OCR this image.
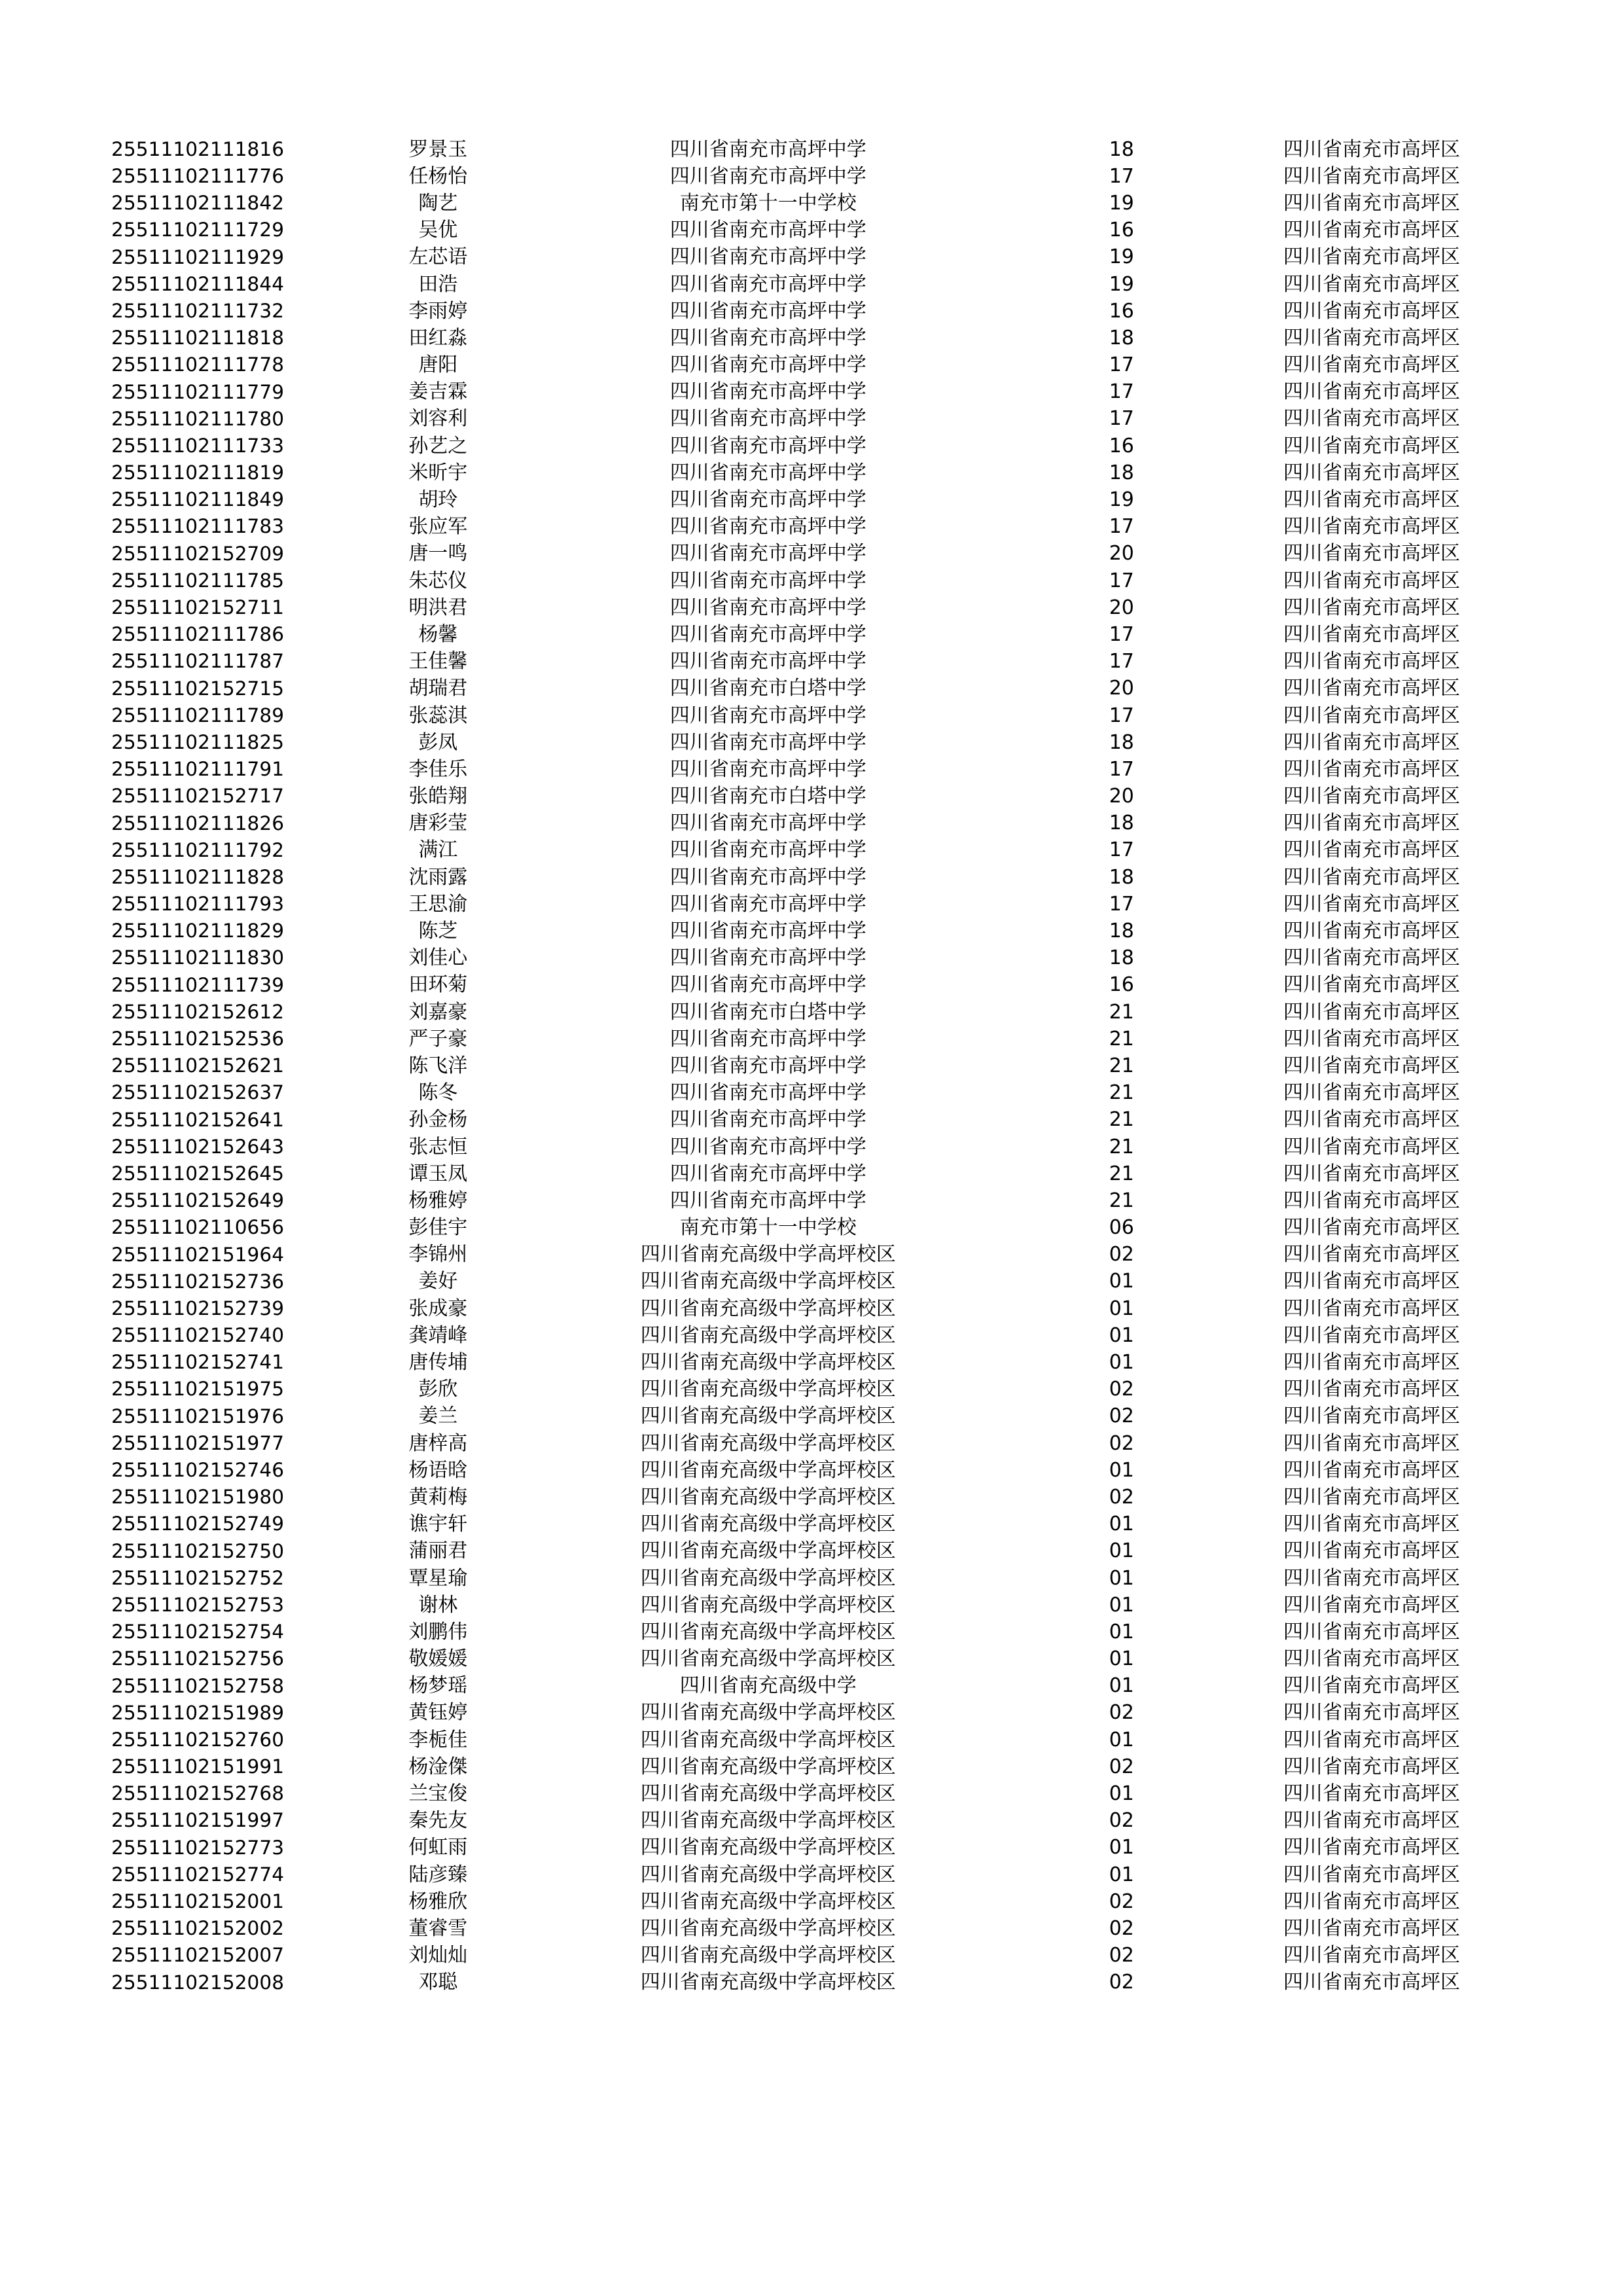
25511102111816	罗景玉	四川省南充市高坪中学	18	四川省南充市高坪区	
25511102111776	任杨怡	四川省南充市高坪中学	17	四川省南充市高坪区	
25511102111842	陶艺	南充市第十一中学校	19	四川省南充市高坪区	
25511102111729	吴优	四川省南充市高坪中学	16	四川省南充市高坪区	
25511102111929	左芯语	四川省南充市高坪中学	19	四川省南充市高坪区	
25511102111844	田浩	四川省南充市高坪中学	19	四川省南充市高坪区	
25511102111732	李雨婷	四川省南充市高坪中学	16	四川省南充市高坪区	
25511102111818	田红淼	四川省南充市高坪中学	18	四川省南充市高坪区	
25511102111778	唐阳	四川省南充市高坪中学	17	四川省南充市高坪区	
25511102111779	姜吉霖	四川省南充市高坪中学	17	四川省南充市高坪区	
25511102111780	刘容利	四川省南充市高坪中学	17	四川省南充市高坪区	
25511102111733	孙艺之	四川省南充市高坪中学	16	四川省南充市高坪区	
25511102111819	米昕宇	四川省南充市高坪中学	18	四川省南充市高坪区	
25511102111849	胡玲	四川省南充市高坪中学	19	四川省南充市高坪区	
25511102111783	张应军	四川省南充市高坪中学	17	四川省南充市高坪区	
25511102152709	唐一鸣	四川省南充市高坪中学	20	四川省南充市高坪区	
25511102111785	朱芯仪	四川省南充市高坪中学	17	四川省南充市高坪区	
25511102152711	明洪君	四川省南充市高坪中学	20	四川省南充市高坪区	
25511102111786	杨馨	四川省南充市高坪中学	17	四川省南充市高坪区	
25511102111787	王佳馨	四川省南充市高坪中学	17	四川省南充市高坪区	
25511102152715	胡瑞君	四川省南充市白塔中学	20	四川省南充市高坪区	
25511102111789	张蕊淇	四川省南充市高坪中学	17	四川省南充市高坪区	
25511102111825	彭凤	四川省南充市高坪中学	18	四川省南充市高坪区	
25511102111791	李佳乐	四川省南充市高坪中学	17	四川省南充市高坪区	
25511102152717	张皓翔	四川省南充市白塔中学	20	四川省南充市高坪区	
25511102111826	唐彩莹	四川省南充市高坪中学	18	四川省南充市高坪区	
25511102111792	满江	四川省南充市高坪中学	17	四川省南充市高坪区	
25511102111828	沈雨露	四川省南充市高坪中学	18	四川省南充市高坪区	
25511102111793	王思渝	四川省南充市高坪中学	17	四川省南充市高坪区	
25511102111829	陈芝	四川省南充市高坪中学	18	四川省南充市高坪区	
25511102111830	刘佳心	四川省南充市高坪中学	18	四川省南充市高坪区	
25511102111739	田环菊	四川省南充市高坪中学	16	四川省南充市高坪区	
25511102152612	刘嘉豪	四川省南充市白塔中学	21	四川省南充市高坪区	
25511102152536	严子豪	四川省南充市高坪中学	21	四川省南充市高坪区	
25511102152621	陈飞洋	四川省南充市高坪中学	21	四川省南充市高坪区	
25511102152637	陈冬	四川省南充市高坪中学	21	四川省南充市高坪区	
25511102152641	孙金杨	四川省南充市高坪中学	21	四川省南充市高坪区	
25511102152643	张志恒	四川省南充市高坪中学	21	四川省南充市高坪区	
25511102152645	谭玉凤	四川省南充市高坪中学	21	四川省南充市高坪区	
25511102152649	杨雅婷	四川省南充市高坪中学	21	四川省南充市高坪区	
25511102110656	彭佳宇	南充市第十一中学校	06	四川省南充市高坪区	
25511102151964	李锦州	四川省南充高级中学高坪校区	02	四川省南充市高坪区	
25511102152736	姜好	四川省南充高级中学高坪校区	01	四川省南充市高坪区	
25511102152739	张成豪	四川省南充高级中学高坪校区	01	四川省南充市高坪区	
25511102152740	龚靖峰	四川省南充高级中学高坪校区	01	四川省南充市高坪区	
25511102152741	唐传埔	四川省南充高级中学高坪校区	01	四川省南充市高坪区	
25511102151975	彭欣	四川省南充高级中学高坪校区	02	四川省南充市高坪区	
25511102151976	姜兰	四川省南充高级中学高坪校区	02	四川省南充市高坪区	
25511102151977	唐梓高	四川省南充高级中学高坪校区	02	四川省南充市高坪区	
25511102152746	杨语晗	四川省南充高级中学高坪校区	01	四川省南充市高坪区	
25511102151980	黄莉梅	四川省南充高级中学高坪校区	02	四川省南充市高坪区	
25511102152749	谯宇轩	四川省南充高级中学高坪校区	01	四川省南充市高坪区	
25511102152750	蒲丽君	四川省南充高级中学高坪校区	01	四川省南充市高坪区	
25511102152752	覃星瑜	四川省南充高级中学高坪校区	01	四川省南充市高坪区	
25511102152753	谢林	四川省南充高级中学高坪校区	01	四川省南充市高坪区	
25511102152754	刘鹏伟	四川省南充高级中学高坪校区	01	四川省南充市高坪区	
25511102152756	敬媛媛	四川省南充高级中学高坪校区	01	四川省南充市高坪区	
25511102152758	杨梦瑶	四川省南充高级中学	01	四川省南充市高坪区	
25511102151989	黄钰婷	四川省南充高级中学高坪校区	02	四川省南充市高坪区	
25511102152760	李栀佳	四川省南充高级中学高坪校区	01	四川省南充市高坪区	
25511102151991	杨淦傑	四川省南充高级中学高坪校区	02	四川省南充市高坪区	
25511102152768	兰宝俊	四川省南充高级中学高坪校区	01	四川省南充市高坪区	
25511102151997	秦先友	四川省南充高级中学高坪校区	02	四川省南充市高坪区	
25511102152773	何虹雨	四川省南充高级中学高坪校区	01	四川省南充市高坪区	
25511102152774	陆彦臻	四川省南充高级中学高坪校区	01	四川省南充市高坪区	
25511102152001	杨雅欣	四川省南充高级中学高坪校区	02	四川省南充市高坪区	
25511102152002	董睿雪	四川省南充高级中学高坪校区	02	四川省南充市高坪区	
25511102152007	刘灿灿	四川省南充高级中学高坪校区	02	四川省南充市高坪区	
25511102152008	邓聪	四川省南充高级中学高坪校区	02	四川省南充市高坪区	
